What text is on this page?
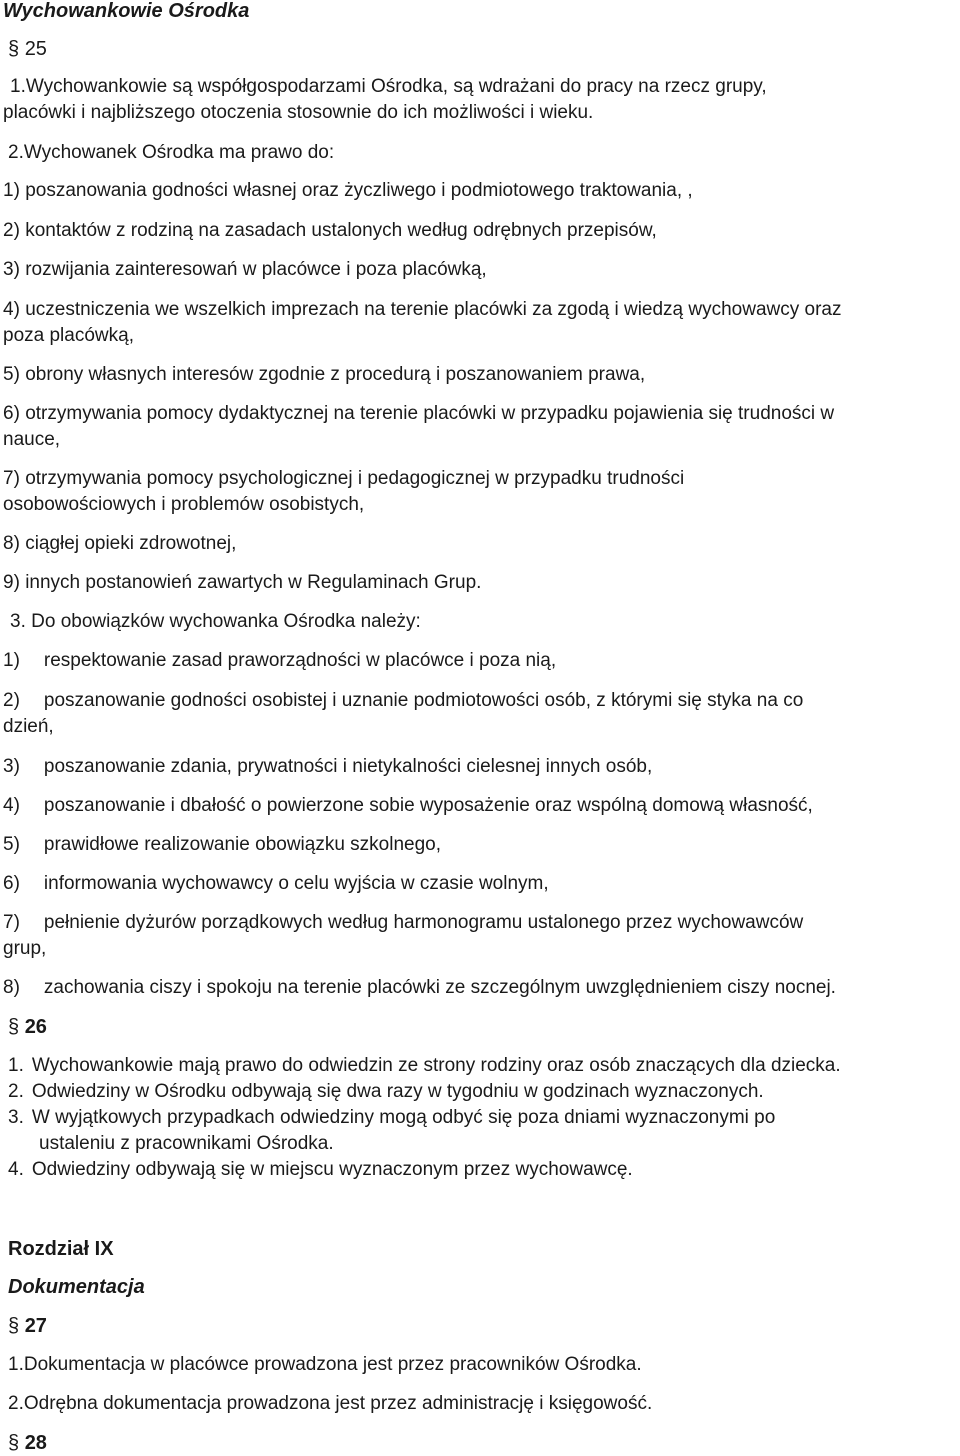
Wychowankowie Ośrodka
§ 25
1.Wychowankowie są współgospodarzami Ośrodka, są wdrażani do pracy na rzecz grupy,
placówki i najbliższego otoczenia stosownie do ich możliwości i wieku.
2.Wychowanek Ośrodka ma prawo do:
1) poszanowania godności własnej oraz życzliwego i podmiotowego traktowania, ,
2) kontaktów z rodziną na zasadach ustalonych według odrębnych przepisów,
3) rozwijania zainteresowań w placówce i poza placówką,
4) uczestniczenia we wszelkich imprezach na terenie placówki za zgodą i wiedzą wychowawcy oraz
poza placówką,
5) obrony własnych interesów zgodnie z procedurą i poszanowaniem prawa,
6) otrzymywania pomocy dydaktycznej na terenie placówki w przypadku pojawienia się trudności w
nauce,
7) otrzymywania pomocy psychologicznej i pedagogicznej w przypadku trudności
osobowościowych i problemów osobistych,
8) ciągłej opieki zdrowotnej,
9) innych postanowień zawartych w Regulaminach Grup.
3. Do obowiązków wychowanka Ośrodka należy:
1) respektowanie zasad praworządności w placówce i poza nią,
2) poszanowanie godności osobistej i uznanie podmiotowości osób, z którymi się styka na co
dzień,
3) poszanowanie zdania, prywatności i nietykalności cielesnej innych osób,
4) poszanowanie i dbałość o powierzone sobie wyposażenie oraz wspólną domową własność,
5) prawidłowe realizowanie obowiązku szkolnego,
6) informowania wychowawcy o celu wyjścia w czasie wolnym,
7) pełnienie dyżurów porządkowych według harmonogramu ustalonego przez wychowawców
grup,
8) zachowania ciszy i spokoju na terenie placówki ze szczególnym uwzględnieniem ciszy nocnej.
§ 26
1. Wychowankowie mają prawo do odwiedzin ze strony rodziny oraz osób znaczących dla dziecka.
2. Odwiedziny w Ośrodku odbywają się dwa razy w tygodniu w godzinach wyznaczonych.
3. W wyjątkowych przypadkach odwiedziny mogą odbyć się poza dniami wyznaczonymi po
ustaleniu z pracownikami Ośrodka.
4. Odwiedziny odbywają się w miejscu wyznaczonym przez wychowawcę.
Rozdział IX
Dokumentacja
§ 27
1.Dokumentacja w placówce prowadzona jest przez pracowników Ośrodka.
2.Odrębna dokumentacja prowadzona jest przez administrację i księgowość.
§ 28
